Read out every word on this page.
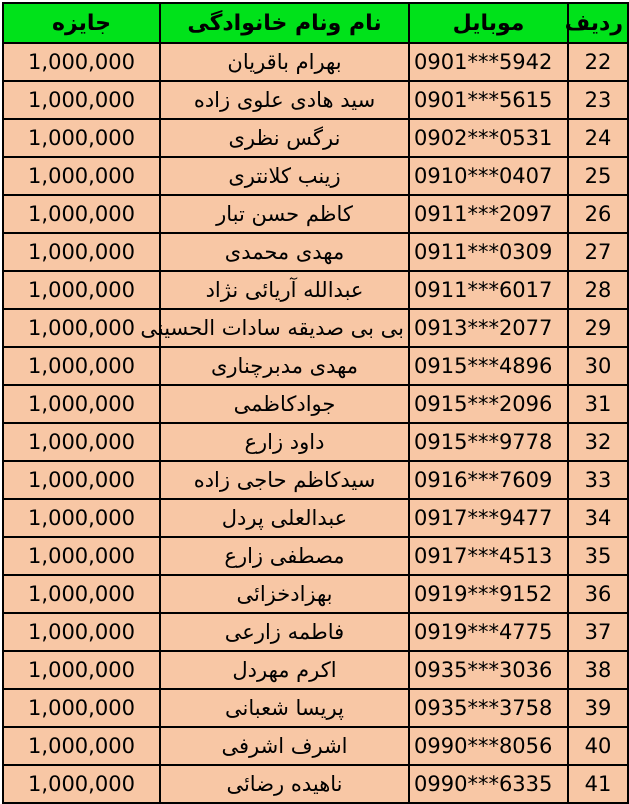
جایزه	نام ونام خانوادگی	موبایل	ردیف
1,000,000	بهرام باقریان	0901***5942	22
1,000,000	سید هادی علوی زاده	0901***5615	23
1,000,000	نرگس نظری	0902***0531	24
1,000,000	زینب کلانتری	0910***0407	25
1,000,000	کاظم حسن تبار	0911***2097	26
1,000,000	مهدی محمدی	0911***0309	27
1,000,000	عبدالله آریائی نژاد	0911***6017	28
1,000,000	بی بی صدیقه سادات الحسینی	0913***2077	29
1,000,000	مهدی مدبرچناری	0915***4896	30
1,000,000	جوادکاظمی	0915***2096	31
1,000,000	داود زارع	0915***9778	32
1,000,000	سیدکاظم حاجی زاده	0916***7609	33
1,000,000	عبدالعلی پردل	0917***9477	34
1,000,000	مصطفی زارع	0917***4513	35
1,000,000	بهزادخزائی	0919***9152	36
1,000,000	فاطمه زارعی	0919***4775	37
1,000,000	اکرم مهردل	0935***3036	38
1,000,000	پریسا شعبانی	0935***3758	39
1,000,000	اشرف اشرفی	0990***8056	40
1,000,000	ناهیده رضائی	0990***6335	41
